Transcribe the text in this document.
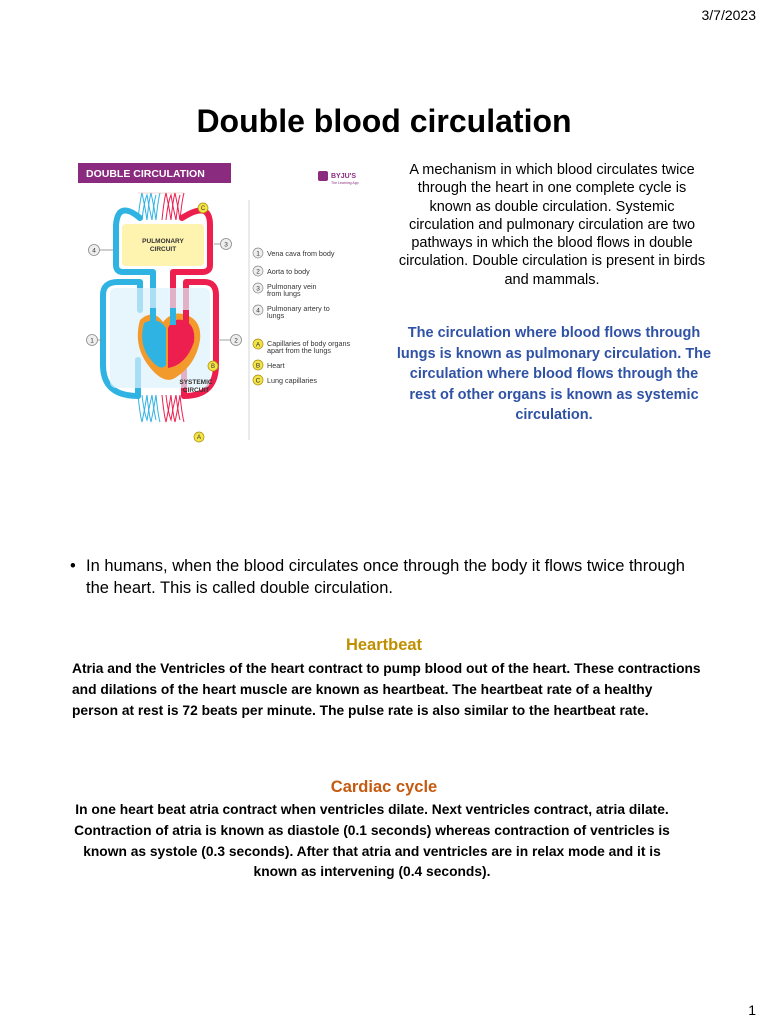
3/7/2023
Double blood circulation
DOUBLE CIRCULATION	BYJU'S
The Learning App
PULMONARY
CIRCUIT
SYSTEMIC
CIRCUIT
4
3
1	2
C
B
A
1
2
3
4
A
B
C
Vena cava from body
Aorta to body
Pulmonary vein
from lungs
Pulmonary artery to
lungs
Capillaries of body organs
apart from the lungs
Heart
Lung capillaries
A mechanism in which blood circulates twice through the heart in one complete cycle is known as double circulation. Systemic circulation and pulmonary circulation are two pathways in which the blood flows in double circulation. Double circulation is present in birds and mammals.
The circulation where blood flows through lungs is known as pulmonary circulation. The circulation where blood flows through the rest of other organs is known as systemic circulation.
• In humans, when the blood circulates once through the body it flows twice through the heart. This is called double circulation.
Heartbeat
Atria and the Ventricles of the heart contract to pump blood out of the heart. These contractions and dilations of the heart muscle are known as heartbeat. The heartbeat rate of a healthy person at rest is 72 beats per minute. The pulse rate is also similar to the heartbeat rate.
Cardiac cycle
In one heart beat atria contract when ventricles dilate. Next ventricles contract, atria dilate. Contraction of atria is known as diastole (0.1 seconds) whereas contraction of ventricles is known as systole (0.3 seconds). After that atria and ventricles are in relax mode and it is known as intervening (0.4 seconds).
1
